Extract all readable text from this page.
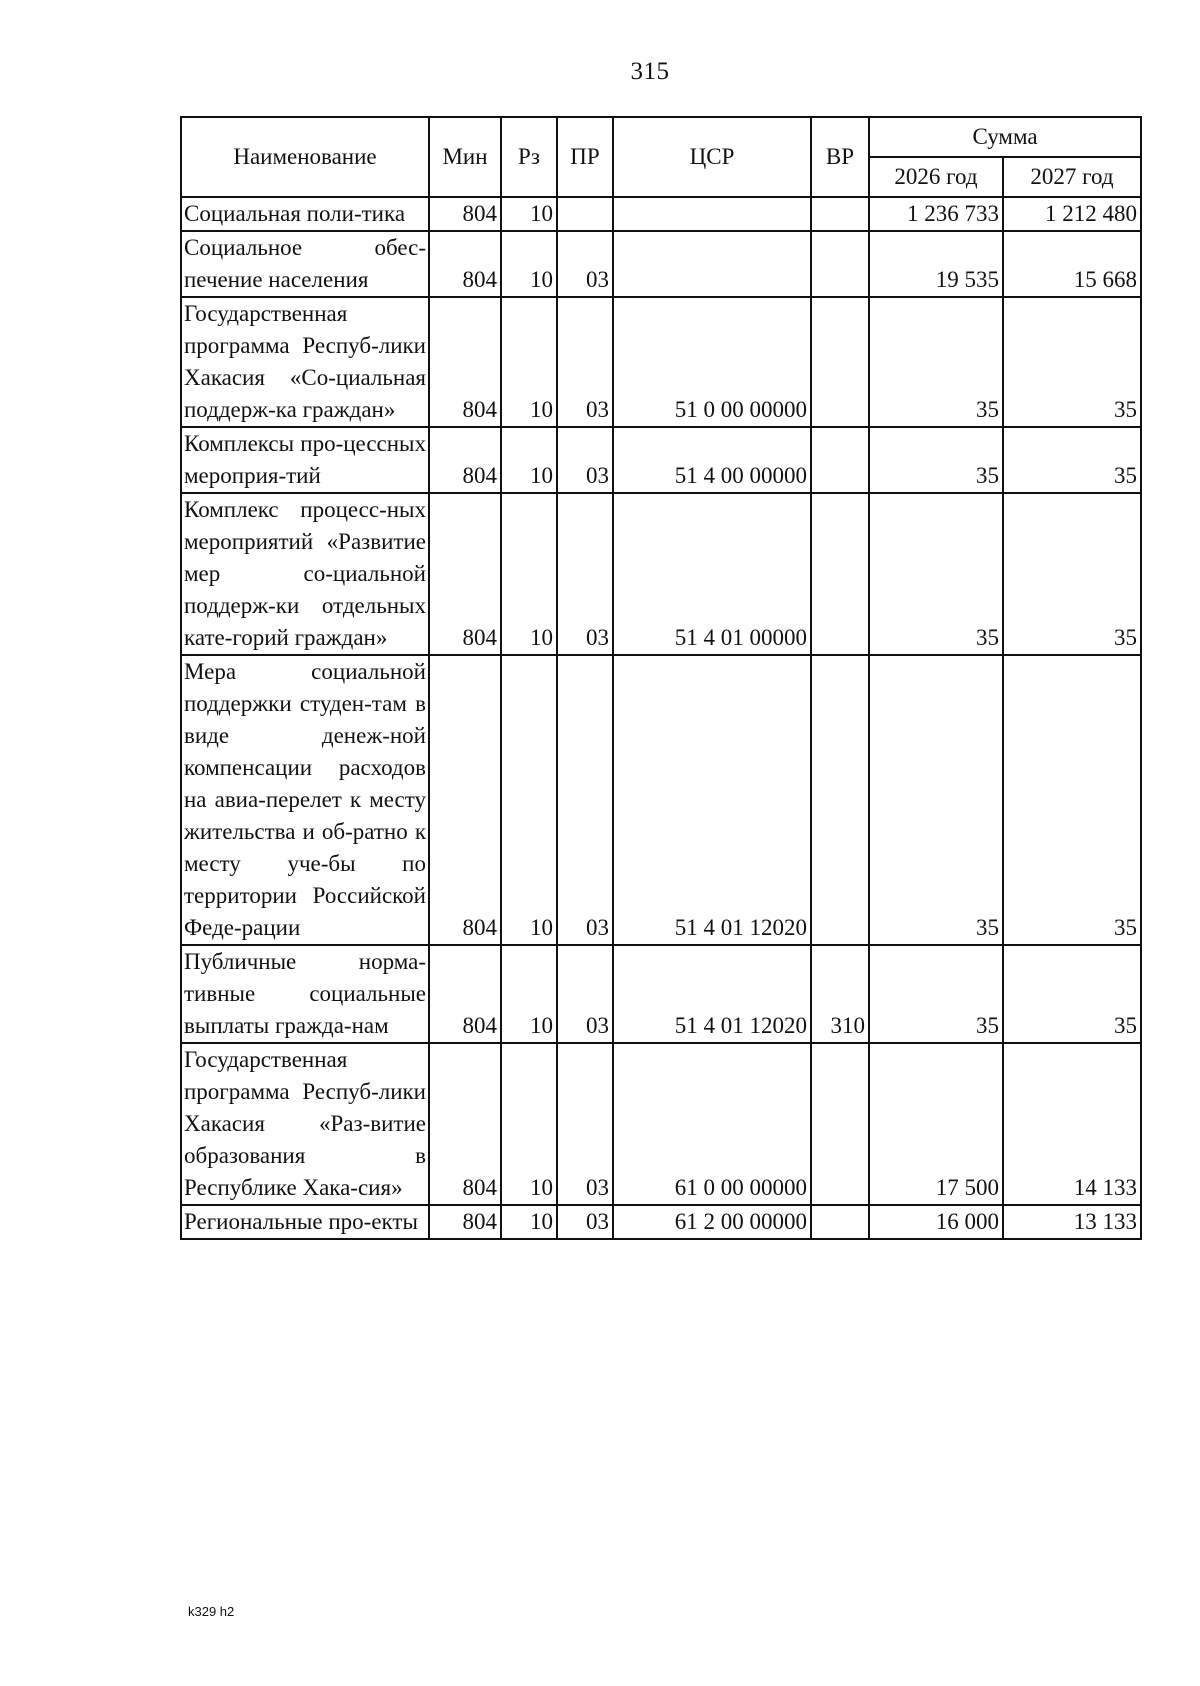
315
Наименование	Мин	Рз	ПР	ЦСР	ВР	Сумма	
						2026 год	2027 год
Социальная поли-тика	804	10				1 236 733	1 212 480
Социальное обес-печение населения	804	10	03			19 535	15 668
Государственная программа Респуб-лики Хакасия «Со-циальная поддерж-ка граждан»	804	10	03	51 0 00 00000		35	35
Комплексы про-цессных мероприя-тий	804	10	03	51 4 00 00000		35	35
Комплекс процесс-ных мероприятий «Развитие мер со-циальной поддерж-ки отдельных кате-горий граждан»	804	10	03	51 4 01 00000		35	35
Мера социальной поддержки студен-там в виде денеж-ной компенсации расходов на авиа-перелет к месту жительства и об-ратно к месту уче-бы по территории Российской Феде-рации	804	10	03	51 4 01 12020		35	35
Публичные норма-тивные социальные выплаты гражда-нам	804	10	03	51 4 01 12020	310	35	35
Государственная программа Респуб-лики Хакасия «Раз-витие образования в Республике Хака-сия»	804	10	03	61 0 00 00000		17 500	14 133
Региональные про-екты	804	10	03	61 2 00 00000		16 000	13 133
k329 h2
